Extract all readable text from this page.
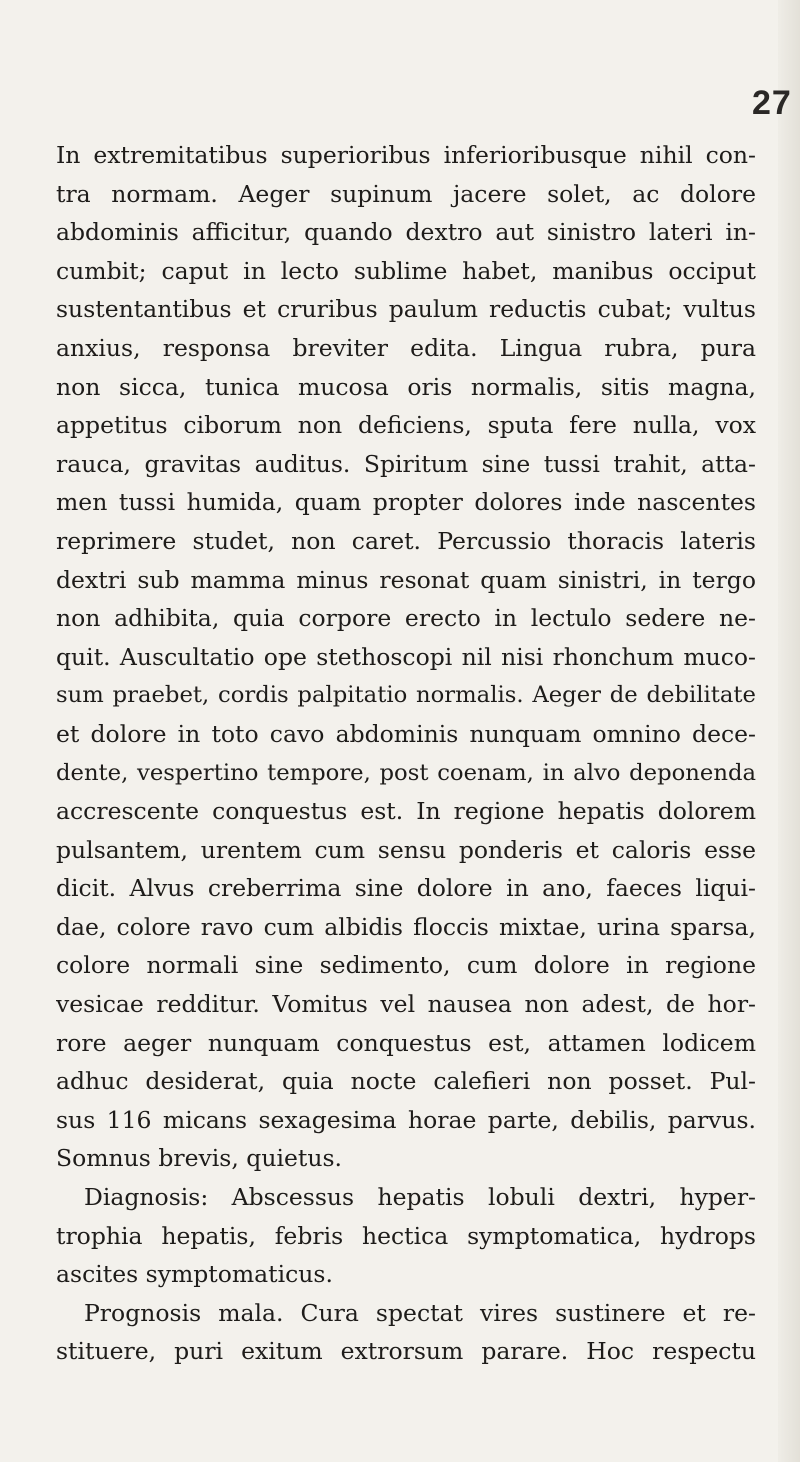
27
In extremitatibus superioribus inferioribusque nihil con-
tra normam. Aeger supinum jacere solet, ac dolore
abdominis afficitur, quando dextro aut sinistro lateri in-
cumbit; caput in lecto sublime habet, manibus occiput
sustentantibus et cruribus paulum reductis cubat; vultus
anxius, responsa breviter edita. Lingua rubra, pura
non sicca, tunica mucosa oris normalis, sitis magna,
appetitus ciborum non deficiens, sputa fere nulla, vox
rauca, gravitas auditus. Spiritum sine tussi trahit, atta-
men tussi humida, quam propter dolores inde nascentes
reprimere studet, non caret. Percussio thoracis lateris
dextri sub mamma minus resonat quam sinistri, in tergo
non adhibita, quia corpore erecto in lectulo sedere ne-
quit. Auscultatio ope stethoscopi nil nisi rhonchum muco-
sum praebet, cordis palpitatio normalis. Aeger de debilitate
et dolore in toto cavo abdominis nunquam omnino dece-
dente, vespertino tempore, post coenam, in alvo deponenda
accrescente conquestus est. In regione hepatis dolorem
pulsantem, urentem cum sensu ponderis et caloris esse
dicit. Alvus creberrima sine dolore in ano, faeces liqui-
dae, colore ravo cum albidis floccis mixtae, urina sparsa,
colore normali sine sedimento, cum dolore in regione
vesicae redditur. Vomitus vel nausea non adest, de hor-
rore aeger nunquam conquestus est, attamen lodicem
adhuc desiderat, quia nocte calefieri non posset. Pul-
sus 116 micans sexagesima horae parte, debilis, parvus.
Somnus brevis, quietus.
Diagnosis: Abscessus hepatis lobuli dextri, hyper-
trophia hepatis, febris hectica symptomatica, hydrops
ascites symptomaticus.
Prognosis mala. Cura spectat vires sustinere et re-
stituere, puri exitum extrorsum parare. Hoc respectu
